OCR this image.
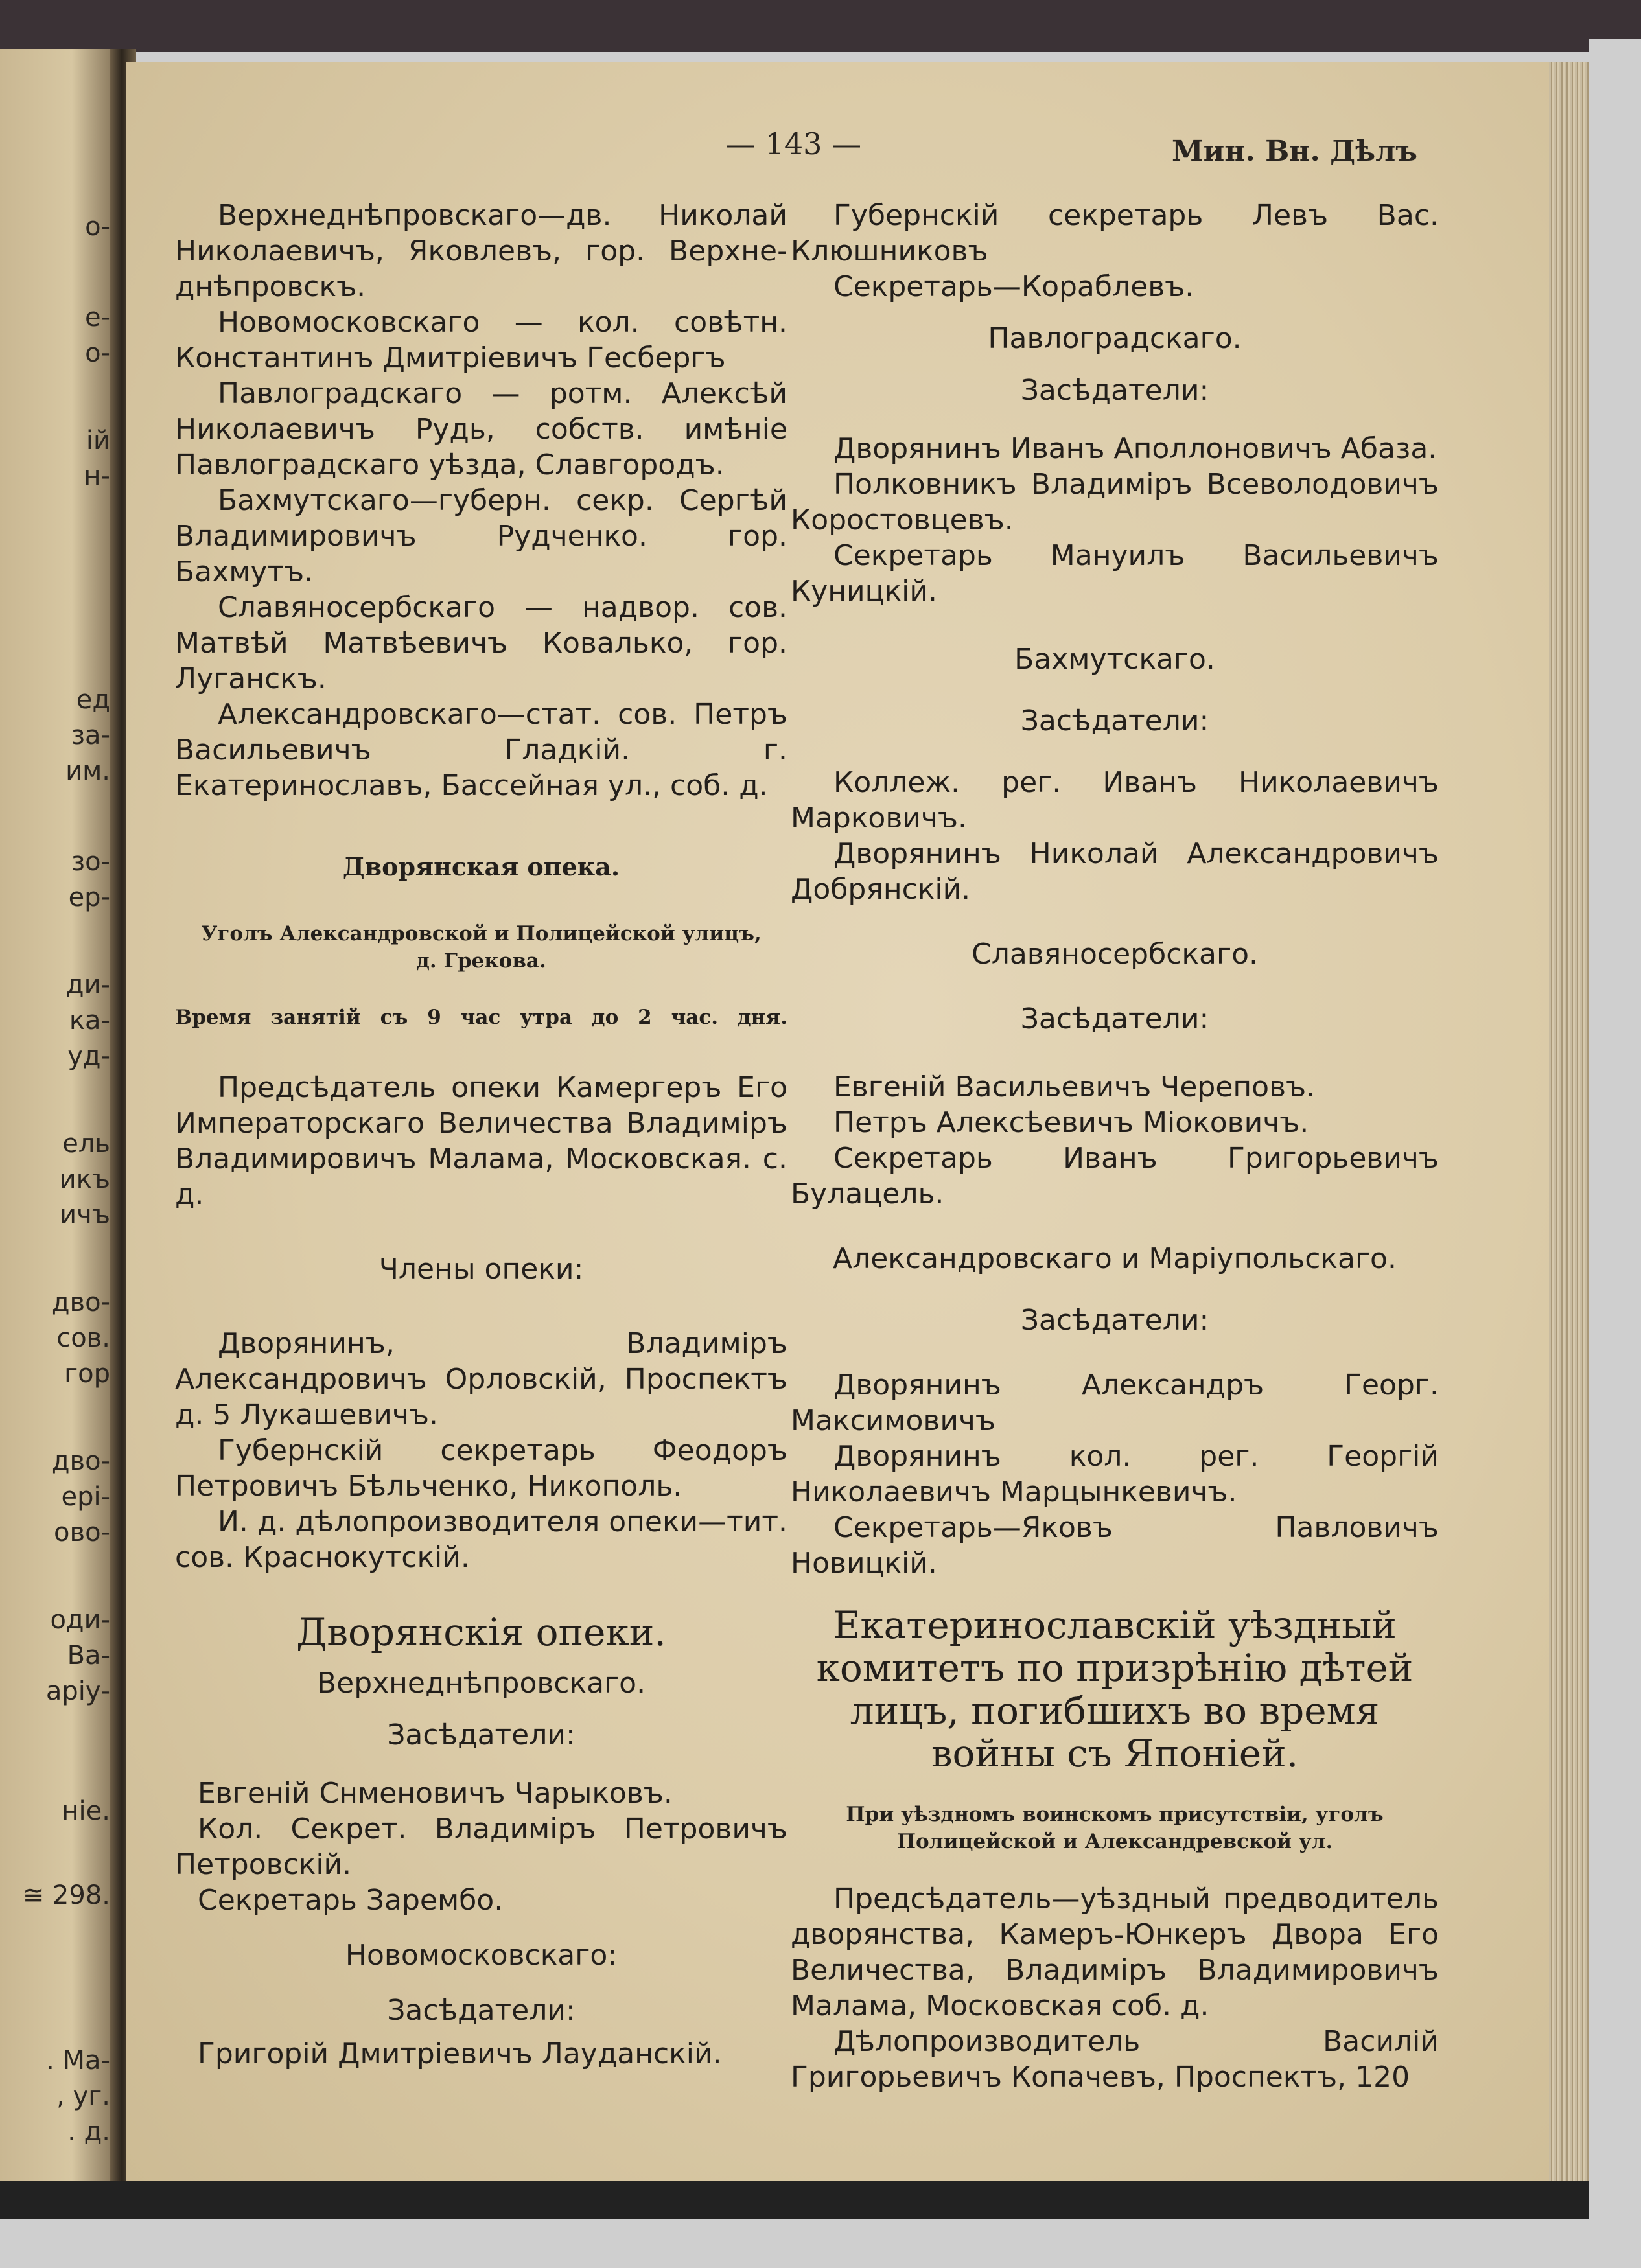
о-
е-
о-
ій
н-
ед
за-
им.
зо-
ер-
ди-
ка-
уд-
ель
икъ
ичъ
дво-
сов.
гор
дво-
ері-
ово-
оди-
Ва-
аріу-
ніе.
≅ 298.
. Ма-
, уг.
. д.
— 143 —	Мин. Вн. Дѣлъ

Верхнеднѣпровскаго—дв. Николай Николаевичъ, Яковлевъ, гор. Верхне-днѣпровскъ.

Новомосковскаго — кол. совѣтн. Константинъ Дмитріевичъ Гесбергъ

Павлоградскаго — ротм. Алексѣй Николаевичъ Рудь, собств. имѣніе Павлоградскаго уѣзда, Славгородъ.

Бахмутскаго—губерн. секр. Сергѣй Владимировичъ Рудченко. гор. Бахмутъ.

Славяносербскаго — надвор. сов. Матвѣй Матвѣевичъ Ковалько, гор. Луганскъ.

Александровскаго—стат. сов. Петръ Васильевичъ Гладкій. г. Екатеринославъ, Бассейная ул., соб. д.

Дворянская опека.

Уголъ Александровской и Полицейской улицъ, д. Грекова.

Время занятій съ 9 час утра до 2 час. дня.

Предсѣдатель опеки Камергеръ Его Императорскаго Величества Владиміръ Владимировичъ Малама, Московская. с. д.

Члены опеки:

Дворянинъ, Владиміръ Александровичъ Орловскій, Проспектъ д. 5 Лукашевичъ.

Губернскій секретарь Феодоръ Петровичъ Бѣльченко, Никополь.

И. д. дѣлопроизводителя опеки—тит. сов. Краснокутскій.

Дворянскія опеки.

Верхнеднѣпровскаго.

Засѣдатели:

Евгеній Снменовичъ Чарыковъ.

Кол. Секрет. Владиміръ Петровичъ Петровскій.

Секретарь Зарембо.

Новомосковскаго:

Засѣдатели:

Григорій Дмитріевичъ Лауданскій.

Губернскій секретарь Левъ Вас. Клюшниковъ

Секретарь—Кораблевъ.

Павлоградскаго.

Засѣдатели:

Дворянинъ Иванъ Аполлоновичъ Абаза.

Полковникъ Владиміръ Всеволодовичъ Коростовцевъ.

Секретарь Мануилъ Васильевичъ Куницкій.

Бахмутскаго.

Засѣдатели:

Коллеж. рег. Иванъ Николаевичъ Марковичъ.

Дворянинъ Николай Александровичъ Добрянскій.

Славяносербскаго.

Засѣдатели:

Евгеній Васильевичъ Череповъ.

Петръ Алексѣевичъ Міоковичъ.

Секретарь Иванъ Григорьевичъ Булацель.

Александровскаго и Маріупольскаго.

Засѣдатели:

Дворянинъ Александръ Георг. Максимовичъ

Дворянинъ кол. рег. Георгій Николаевичъ Марцынкевичъ.

Секретарь—Яковъ Павловичъ Новицкій.

Екатеринославскій уѣздный комитетъ по призрѣнію дѣтей лицъ, погибшихъ во время войны съ Японіей.

При уѣздномъ воинскомъ присутствіи, уголъ Полицейской и Александревской ул.

Предсѣдатель—уѣздный предводитель дворянства, Камеръ-Юнкеръ Двора Его Величества, Владиміръ Владимировичъ Малама, Московская соб. д.

Дѣлопроизводитель Василій Григорьевичъ Копачевъ, Проспектъ, 120
